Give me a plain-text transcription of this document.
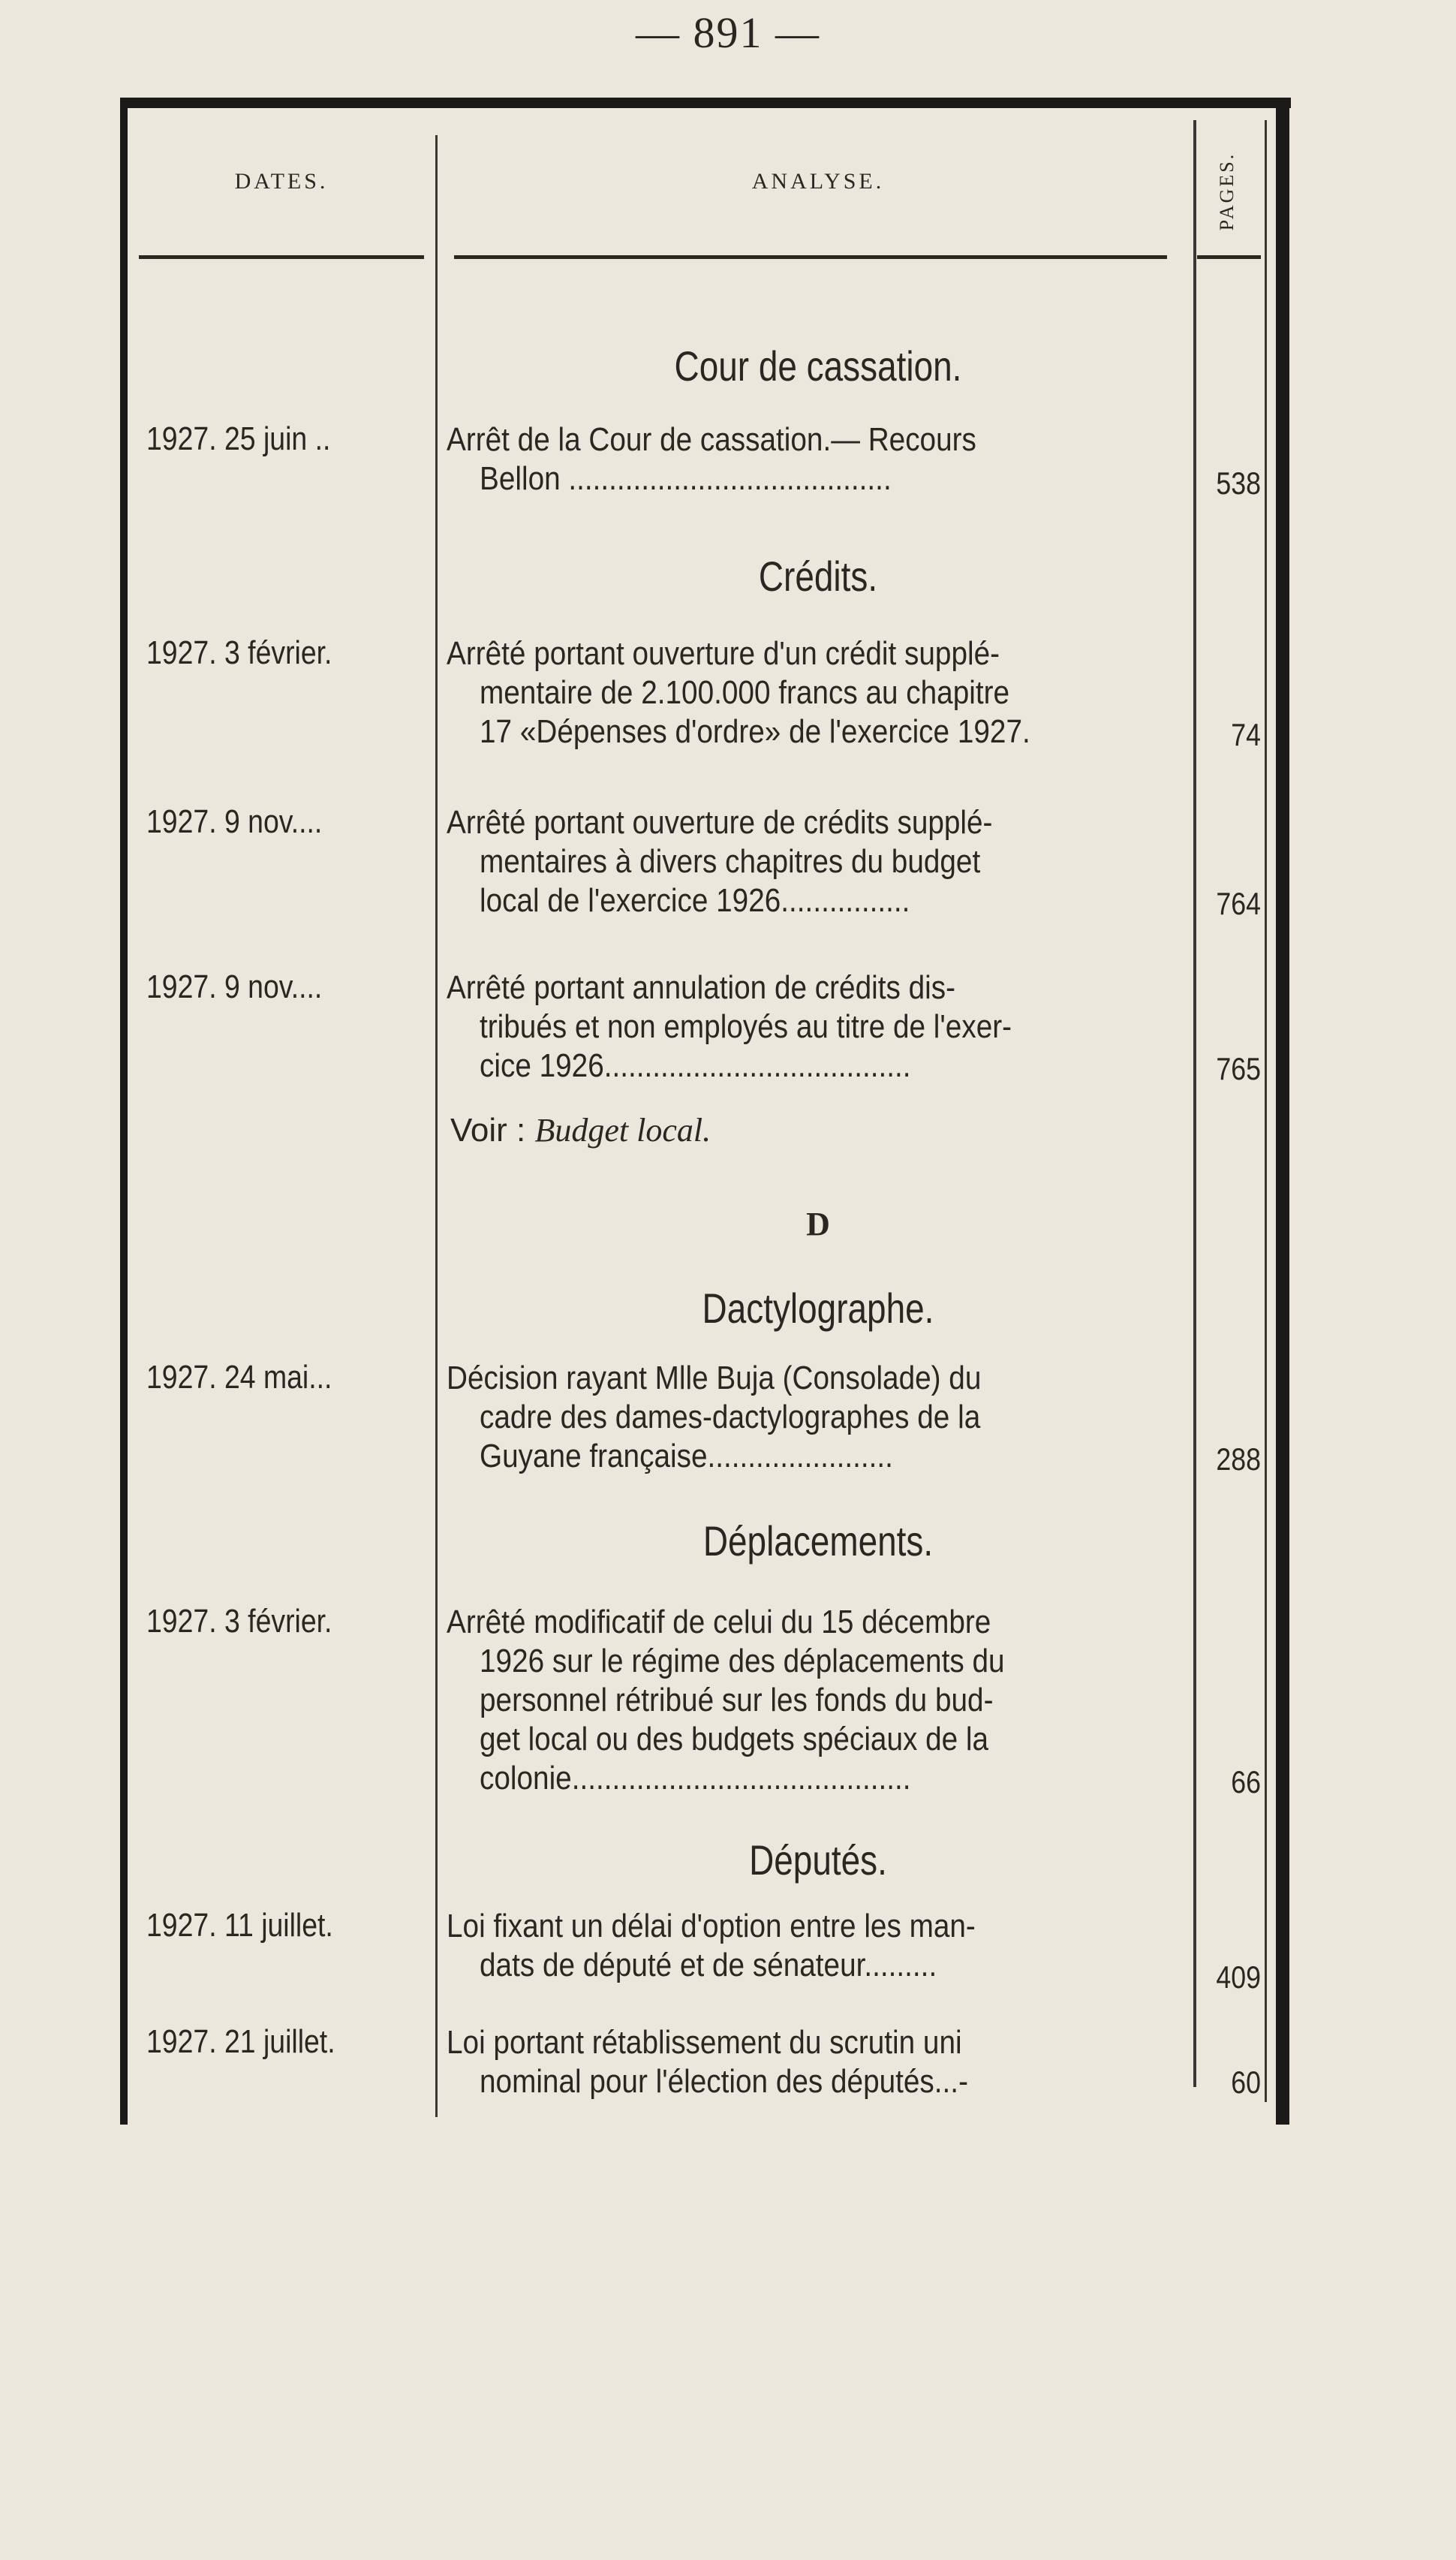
— 891 —
DATES.	ANALYSE.	PAGES.
Cour de cassation.
1927. 25 juin ..	Arrêt de la Cour de cassation.— Recours
Bellon ........................................	538
Crédits.
1927. 3 février.	Arrêté portant ouverture d'un crédit supplé-
mentaire de 2.100.000 francs au chapitre
17 «Dépenses d'ordre» de l'exercice 1927.	74
1927. 9 nov....	Arrêté portant ouverture de crédits supplé-
mentaires à divers chapitres du budget
local de l'exercice 1926................	764
1927. 9 nov....	Arrêté portant annulation de crédits dis-
tribués et non employés au titre de l'exer-
cice 1926......................................	765
Voir : Budget local.
D
Dactylographe.
1927. 24 mai...	Décision rayant Mlle Buja (Consolade) du
cadre des dames-dactylographes de la
Guyane française.......................	288
Déplacements.
1927. 3 février.	Arrêté modificatif de celui du 15 décembre
1926 sur le régime des déplacements du
personnel rétribué sur les fonds du bud-
get local ou des budgets spéciaux de la
colonie..........................................	66
Députés.
1927. 11 juillet.	Loi fixant un délai d'option entre les man-
dats de député et de sénateur.........	409
1927. 21 juillet.	Loi portant rétablissement du scrutin uni
nominal pour l'élection des députés...-	60
